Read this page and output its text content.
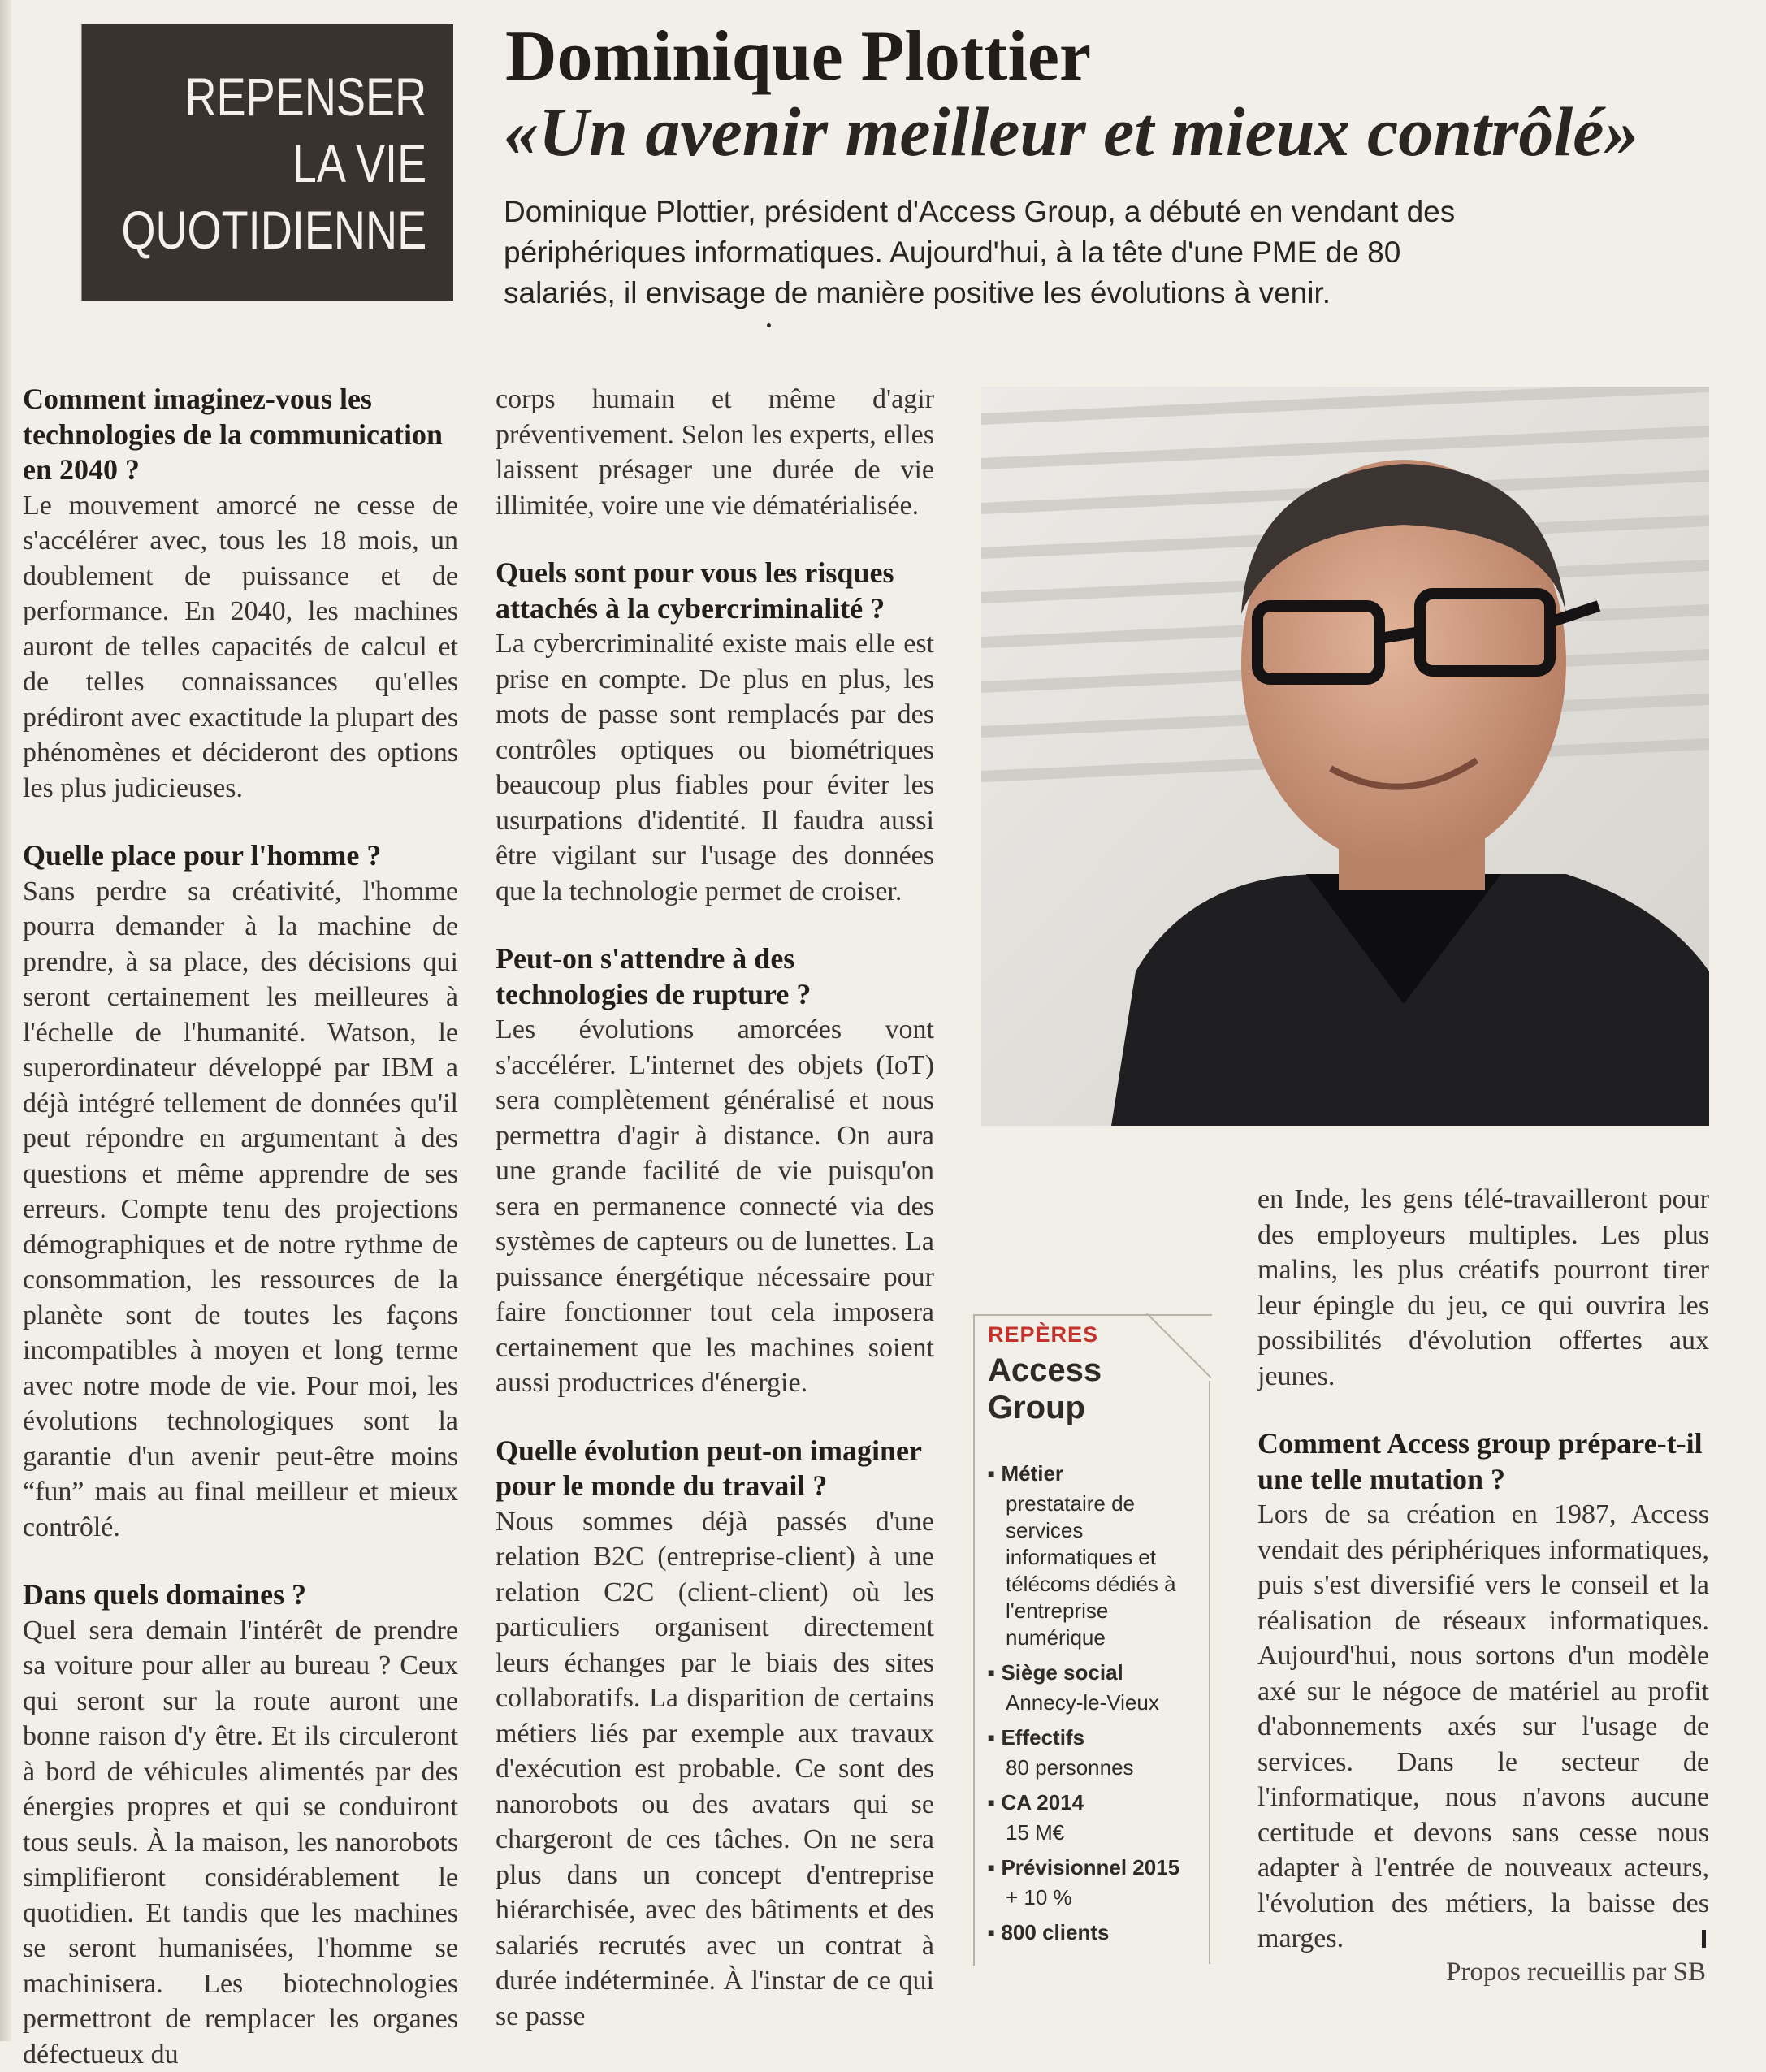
REPENSER
LA VIE
QUOTIDIENNE
Dominique Plottier
«Un avenir meilleur et mieux contrôlé»

Dominique Plottier, président d'Access Group, a débuté en vendant des périphériques informatiques. Aujourd'hui, à la tête d'une PME de 80 salariés, il envisage de manière positive les évolutions à venir.

Comment imaginez-vous les technologies de la communication en 2040 ?

Le mouvement amorcé ne cesse de s'accélérer avec, tous les 18 mois, un doublement de puissance et de performance. En 2040, les machines auront de telles capacités de calcul et de telles connaissances qu'elles prédiront avec exactitude la plupart des phénomènes et décideront des options les plus judicieuses.

Quelle place pour l'homme ?

Sans perdre sa créativité, l'homme pourra demander à la machine de prendre, à sa place, des décisions qui seront certainement les meilleures à l'échelle de l'humanité. Watson, le superordinateur développé par IBM a déjà intégré tellement de données qu'il peut répondre en argumentant à des questions et même apprendre de ses erreurs. Compte tenu des projections démographiques et de notre rythme de consommation, les ressources de la planète sont de toutes les façons incompatibles à moyen et long terme avec notre mode de vie. Pour moi, les évolutions technologiques sont la garantie d'un avenir peut-être moins “fun” mais au final meilleur et mieux contrôlé.

Dans quels domaines ?

Quel sera demain l'intérêt de prendre sa voiture pour aller au bureau ? Ceux qui seront sur la route auront une bonne raison d'y être. Et ils circuleront à bord de véhicules alimentés par des énergies propres et qui se conduiront tous seuls. À la maison, les nanorobots simplifieront considérablement le quotidien. Et tandis que les machines se seront humanisées, l'homme se machinisera. Les biotechnologies permettront de remplacer les organes défectueux du

corps humain et même d'agir préventivement. Selon les experts, elles laissent présager une durée de vie illimitée, voire une vie dématérialisée.

Quels sont pour vous les risques attachés à la cybercriminalité ?

La cybercriminalité existe mais elle est prise en compte. De plus en plus, les mots de passe sont remplacés par des contrôles optiques ou biométriques beaucoup plus fiables pour éviter les usurpations d'identité. Il faudra aussi être vigilant sur l'usage des données que la technologie permet de croiser.

Peut-on s'attendre à des technologies de rupture ?

Les évolutions amorcées vont s'accélérer. L'internet des objets (IoT) sera complètement généralisé et nous permettra d'agir à distance. On aura une grande facilité de vie puisqu'on sera en permanence connecté via des systèmes de capteurs ou de lunettes. La puissance énergétique nécessaire pour faire fonctionner tout cela imposera certainement que les machines soient aussi productrices d'énergie.

Quelle évolution peut-on imaginer pour le monde du travail ?

Nous sommes déjà passés d'une relation B2C (entreprise-client) à une relation C2C (client-client) où les particuliers organisent directement leurs échanges par le biais des sites collaboratifs. La disparition de certains métiers liés par exemple aux travaux d'exécution est probable. Ce sont des nanorobots ou des avatars qui se chargeront de ces tâches. On ne sera plus dans un concept d'entreprise hiérarchisée, avec des bâtiments et des salariés recrutés avec un contrat à durée indéterminée. À l'instar de ce qui se passe

en Inde, les gens télé-travailleront pour des employeurs multiples. Les plus malins, les plus créatifs pourront tirer leur épingle du jeu, ce qui ouvrira les possibilités d'évolution offertes aux jeunes.

Comment Access group prépare-t-il une telle mutation ?

Lors de sa création en 1987, Access vendait des périphériques informatiques, puis s'est diversifié vers le conseil et la réalisation de réseaux informatiques. Aujourd'hui, nous sortons d'un modèle axé sur le négoce de matériel au profit d'abonnements axés sur l'usage de services. Dans le secteur de l'informatique, nous n'avons aucune certitude et devons sans cesse nous adapter à l'entrée de nouveaux acteurs, l'évolution des métiers, la baisse des marges.

REPÈRES
Access Group
■ Métier
prestataire de services informatiques et télécoms dédiés à l'entreprise numérique
■ Siège social
Annecy-le-Vieux
■ Effectifs
80 personnes
■ CA 2014
15 M€
■ Prévisionnel 2015
+ 10 %
■ 800 clients
Propos recueillis par SB
